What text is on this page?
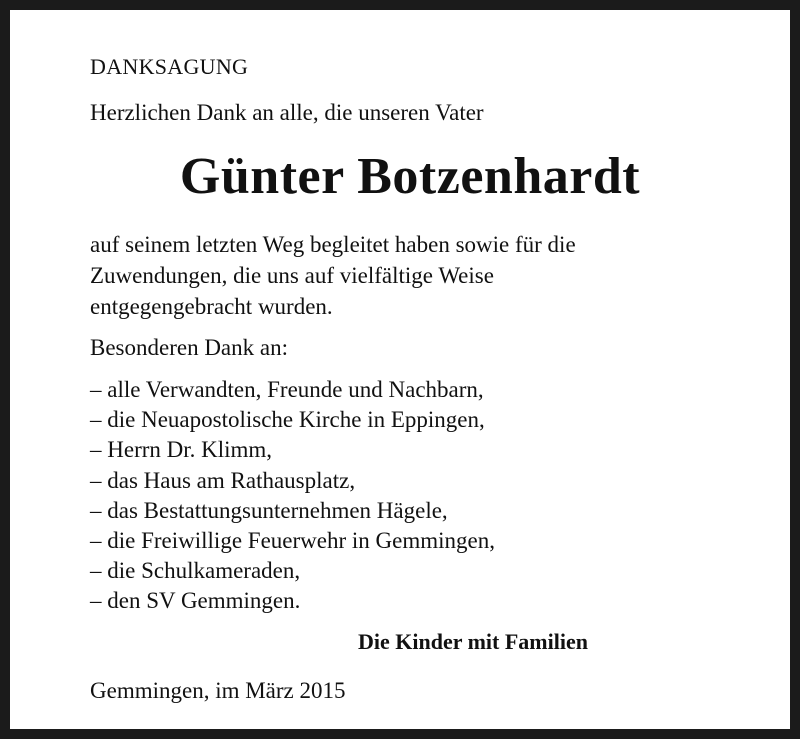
DANKSAGUNG
Herzlichen Dank an alle, die unseren Vater
Günter Botzenhardt
auf seinem letzten Weg begleitet haben sowie für die
Zuwendungen, die uns auf vielfältige Weise
entgegengebracht wurden.
Besonderen Dank an:
– alle Verwandten, Freunde und Nachbarn,
– die Neuapostolische Kirche in Eppingen,
– Herrn Dr. Klimm,
– das Haus am Rathausplatz,
– das Bestattungsunternehmen Hägele,
– die Freiwillige Feuerwehr in Gemmingen,
– die Schulkameraden,
– den SV Gemmingen.
Die Kinder mit Familien
Gemmingen, im März 2015
